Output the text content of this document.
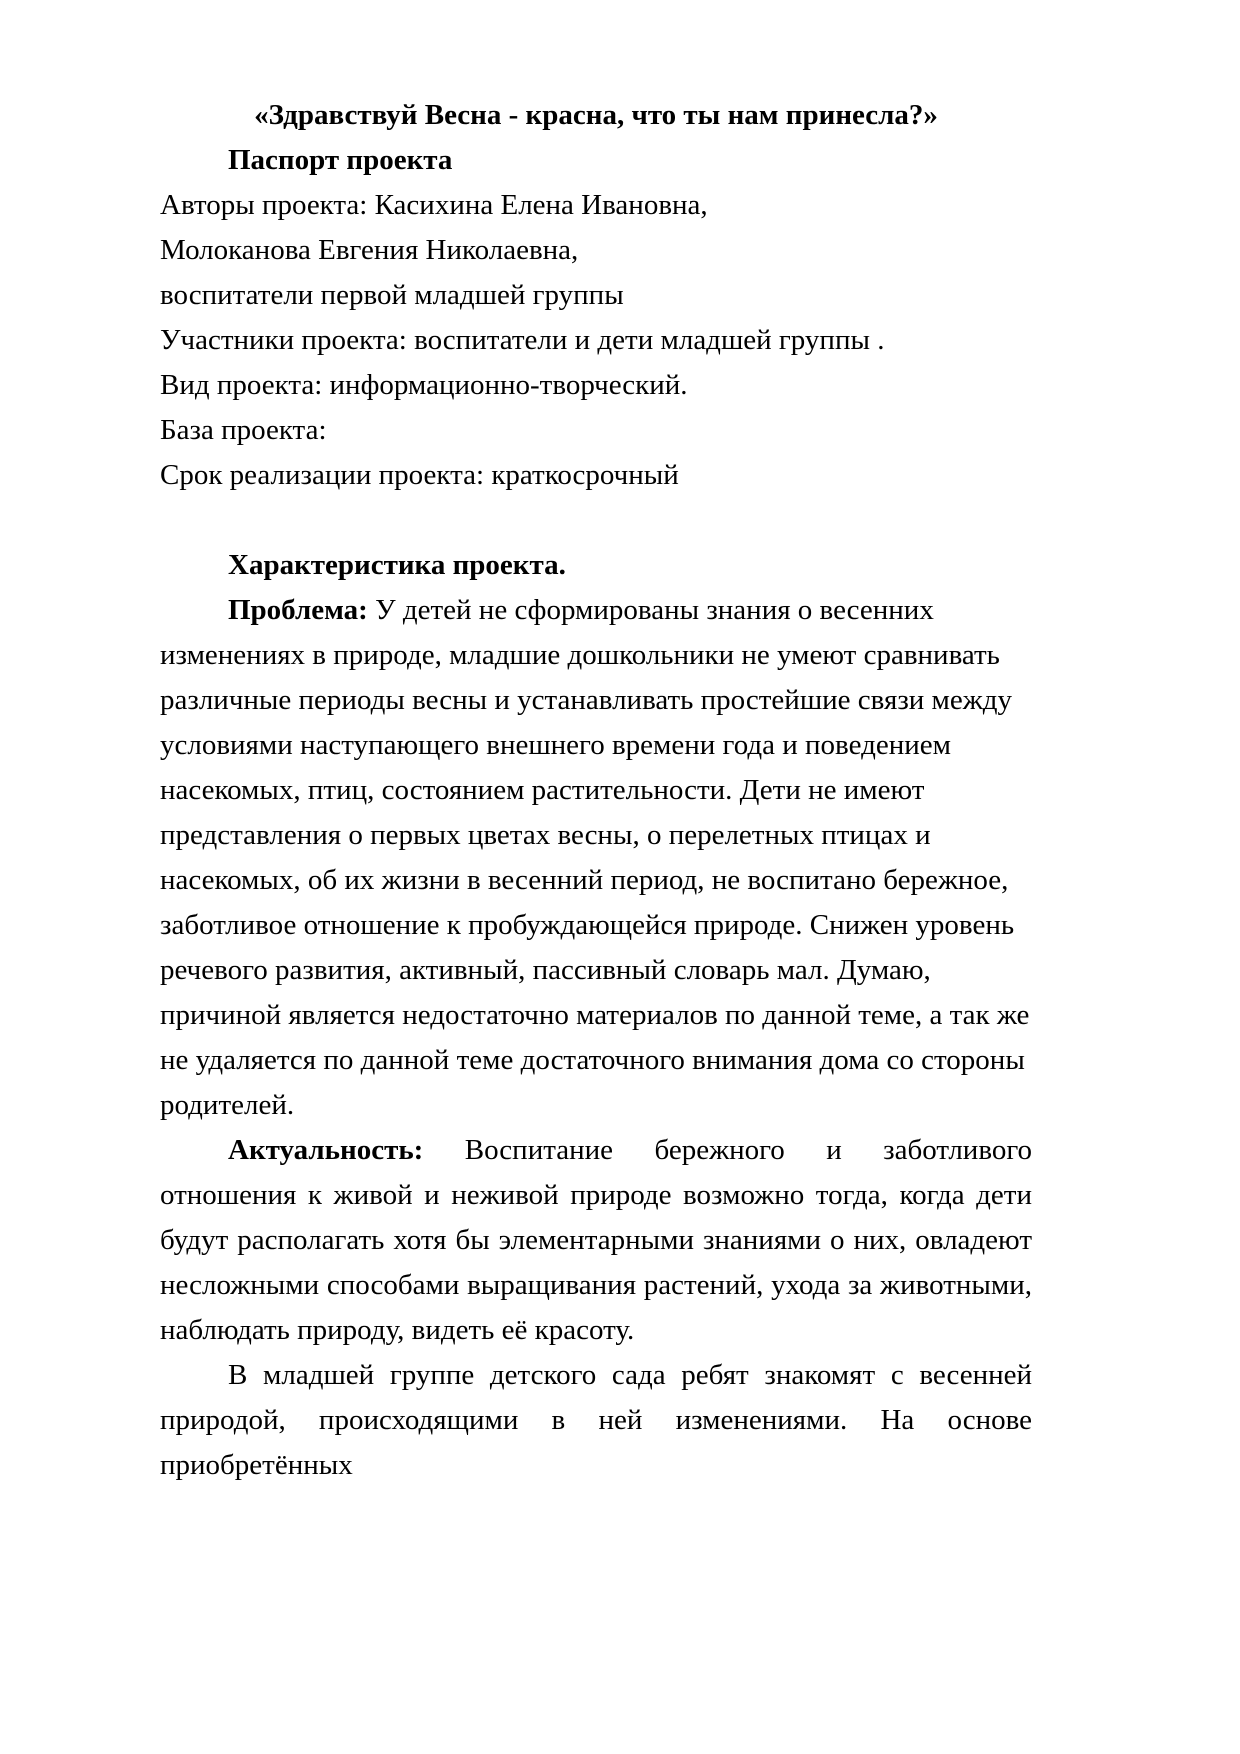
«Здравствуй Весна - красна, что ты нам принесла?»

Паспорт проекта

Авторы проекта: Касихина Елена Ивановна,

Молоканова Евгения Николаевна,

воспитатели первой младшей группы

Участники проекта: воспитатели и дети младшей группы .

Вид проекта: информационно-творческий.

База проекта:

Срок реализации проекта: краткосрочный

Характеристика проекта.

Проблема: У детей не сформированы знания о весенних изменениях в природе, младшие дошкольники не умеют сравнивать различные периоды весны и устанавливать простейшие связи между условиями наступающего внешнего времени года и поведением насекомых, птиц, состоянием растительности. Дети не имеют представления о первых цветах весны, о перелетных птицах и насекомых, об их жизни в весенний период, не воспитано бережное, заботливое отношение к пробуждающейся природе. Снижен уровень речевого развития, активный, пассивный словарь мал. Думаю, причиной является недостаточно материалов по данной теме, а так же не удаляется по данной теме достаточного внимания дома со стороны родителей.

Актуальность: Воспитание бережного и заботливого отношения к живой и неживой природе возможно тогда, когда дети будут располагать хотя бы элементарными знаниями о них, овладеют несложными способами выращивания растений, ухода за животными, наблюдать природу, видеть её красоту.

В младшей группе детского сада ребят знакомят с весенней природой, происходящими в ней изменениями. На основе приобретённых
